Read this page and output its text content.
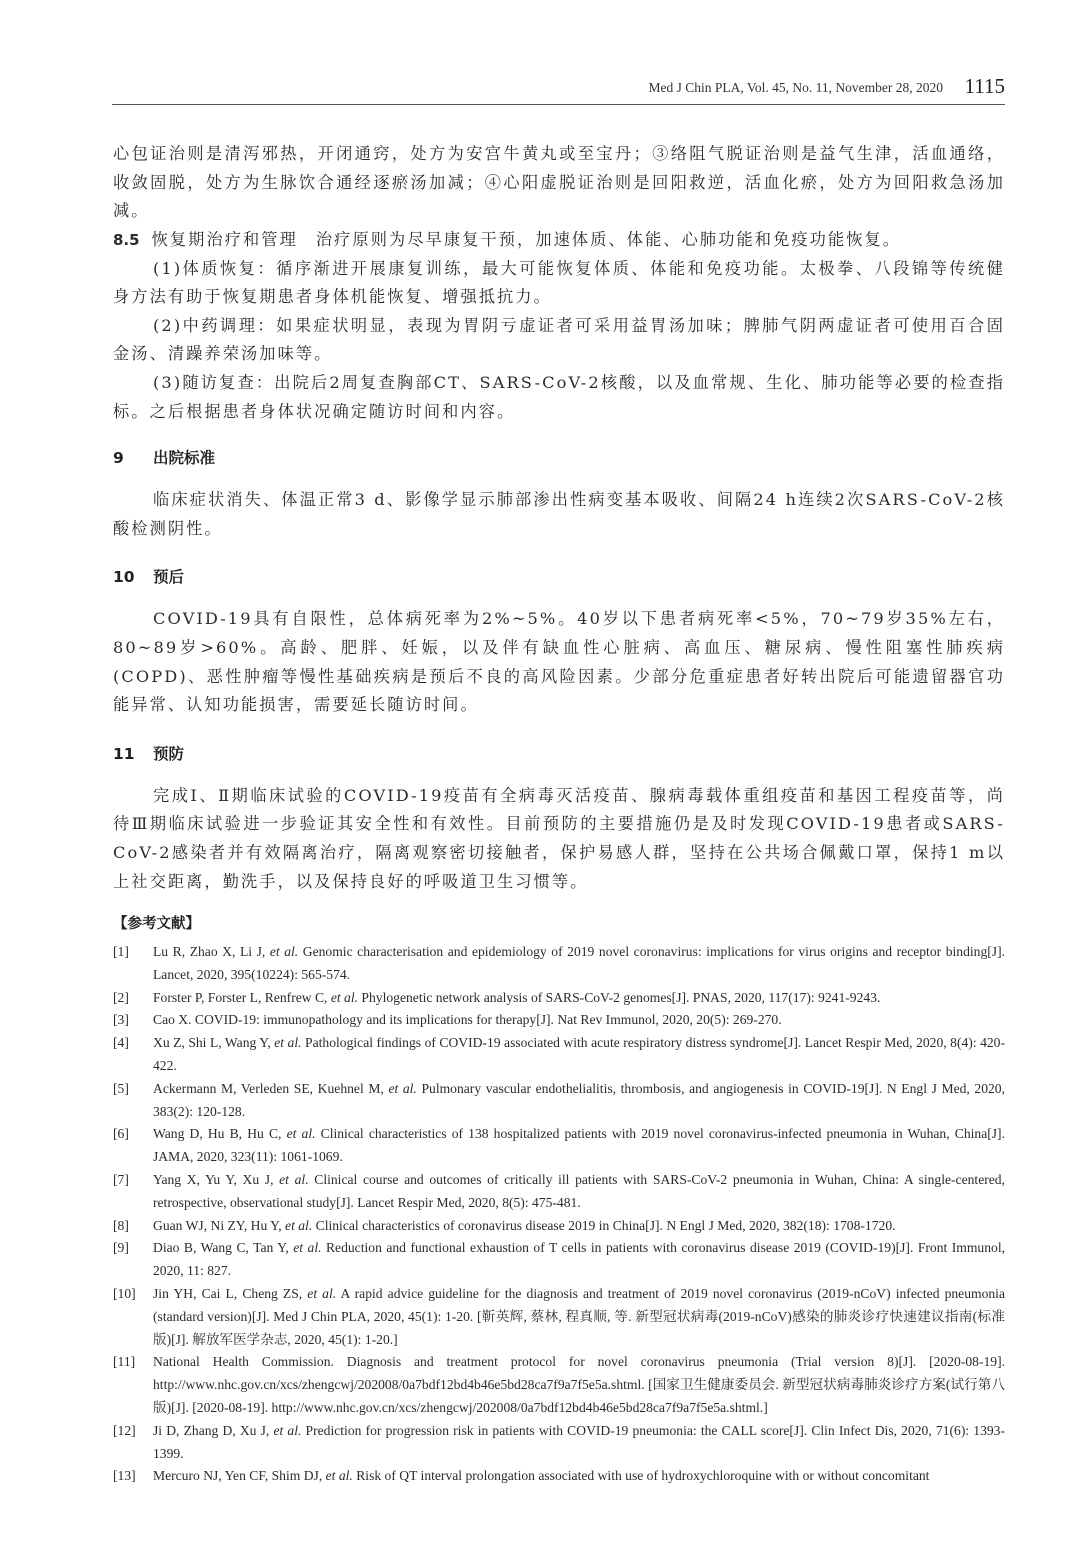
Med J Chin PLA, Vol. 45, No. 11, November 28, 2020 1115

心包证治则是清泻邪热，开闭通窍，处方为安宫牛黄丸或至宝丹；③络阻气脱证治则是益气生津，活血通络，收敛固脱，处方为生脉饮合通经逐瘀汤加减；④心阳虚脱证治则是回阳救逆，活血化瘀，处方为回阳救急汤加减。

8.5 恢复期治疗和管理 治疗原则为尽早康复干预，加速体质、体能、心肺功能和免疫功能恢复。

(1)体质恢复：循序渐进开展康复训练，最大可能恢复体质、体能和免疫功能。太极拳、八段锦等传统健身方法有助于恢复期患者身体机能恢复、增强抵抗力。

(2)中药调理：如果症状明显，表现为胃阴亏虚证者可采用益胃汤加味；脾肺气阴两虚证者可使用百合固金汤、清躁养荣汤加味等。

(3)随访复查：出院后2周复查胸部CT、SARS-CoV-2核酸，以及血常规、生化、肺功能等必要的检查指标。之后根据患者身体状况确定随访时间和内容。

9 出院标准

临床症状消失、体温正常3 d、影像学显示肺部渗出性病变基本吸收、间隔24 h连续2次SARS-CoV-2核酸检测阴性。

10 预后

COVID-19具有自限性，总体病死率为2%~5%。40岁以下患者病死率<5%，70~79岁35%左右，80~89岁>60%。高龄、肥胖、妊娠，以及伴有缺血性心脏病、高血压、糖尿病、慢性阻塞性肺疾病(COPD)、恶性肿瘤等慢性基础疾病是预后不良的高风险因素。少部分危重症患者好转出院后可能遗留器官功能异常、认知功能损害，需要延长随访时间。

11 预防

完成Ⅰ、Ⅱ期临床试验的COVID-19疫苗有全病毒灭活疫苗、腺病毒载体重组疫苗和基因工程疫苗等，尚待Ⅲ期临床试验进一步验证其安全性和有效性。目前预防的主要措施仍是及时发现COVID-19患者或SARS-CoV-2感染者并有效隔离治疗，隔离观察密切接触者，保护易感人群，坚持在公共场合佩戴口罩，保持1 m以上社交距离，勤洗手，以及保持良好的呼吸道卫生习惯等。

【参考文献】

[1]	Lu R, Zhao X, Li J, et al. Genomic characterisation and epidemiology of 2019 novel coronavirus: implications for virus origins and receptor binding[J]. Lancet, 2020, 395(10224): 565-574.
[2]	Forster P, Forster L, Renfrew C, et al. Phylogenetic network analysis of SARS-CoV-2 genomes[J]. PNAS, 2020, 117(17): 9241-9243.
[3]	Cao X. COVID-19: immunopathology and its implications for therapy[J]. Nat Rev Immunol, 2020, 20(5): 269-270.
[4]	Xu Z, Shi L, Wang Y, et al. Pathological findings of COVID-19 associated with acute respiratory distress syndrome[J]. Lancet Respir Med, 2020, 8(4): 420-422.
[5]	Ackermann M, Verleden SE, Kuehnel M, et al. Pulmonary vascular endothelialitis, thrombosis, and angiogenesis in COVID-19[J]. N Engl J Med, 2020, 383(2): 120-128.
[6]	Wang D, Hu B, Hu C, et al. Clinical characteristics of 138 hospitalized patients with 2019 novel coronavirus-infected pneumonia in Wuhan, China[J]. JAMA, 2020, 323(11): 1061-1069.
[7]	Yang X, Yu Y, Xu J, et al. Clinical course and outcomes of critically ill patients with SARS-CoV-2 pneumonia in Wuhan, China: A single-centered, retrospective, observational study[J]. Lancet Respir Med, 2020, 8(5): 475-481.
[8]	Guan WJ, Ni ZY, Hu Y, et al. Clinical characteristics of coronavirus disease 2019 in China[J]. N Engl J Med, 2020, 382(18): 1708-1720.
[9]	Diao B, Wang C, Tan Y, et al. Reduction and functional exhaustion of T cells in patients with coronavirus disease 2019 (COVID-19)[J]. Front Immunol, 2020, 11: 827.
[10]	Jin YH, Cai L, Cheng ZS, et al. A rapid advice guideline for the diagnosis and treatment of 2019 novel coronavirus (2019-nCoV) infected pneumonia (standard version)[J]. Med J Chin PLA, 2020, 45(1): 1-20. [靳英辉, 蔡林, 程真顺, 等. 新型冠状病毒(2019-nCoV)感染的肺炎诊疗快速建议指南(标准版)[J]. 解放军医学杂志, 2020, 45(1): 1-20.]
[11]	National Health Commission. Diagnosis and treatment protocol for novel coronavirus pneumonia (Trial version 8)[J]. [2020-08-19]. http://www.nhc.gov.cn/xcs/zhengcwj/202008/0a7bdf12bd4b46e5bd28ca7f9a7f5e5a.shtml. [国家卫生健康委员会. 新型冠状病毒肺炎诊疗方案(试行第八版)[J]. [2020-08-19]. http://www.nhc.gov.cn/xcs/zhengcwj/202008/0a7bdf12bd4b46e5bd28ca7f9a7f5e5a.shtml.]
[12]	Ji D, Zhang D, Xu J, et al. Prediction for progression risk in patients with COVID-19 pneumonia: the CALL score[J]. Clin Infect Dis, 2020, 71(6): 1393-1399.
[13]	Mercuro NJ, Yen CF, Shim DJ, et al. Risk of QT interval prolongation associated with use of hydroxychloroquine with or without concomitant
